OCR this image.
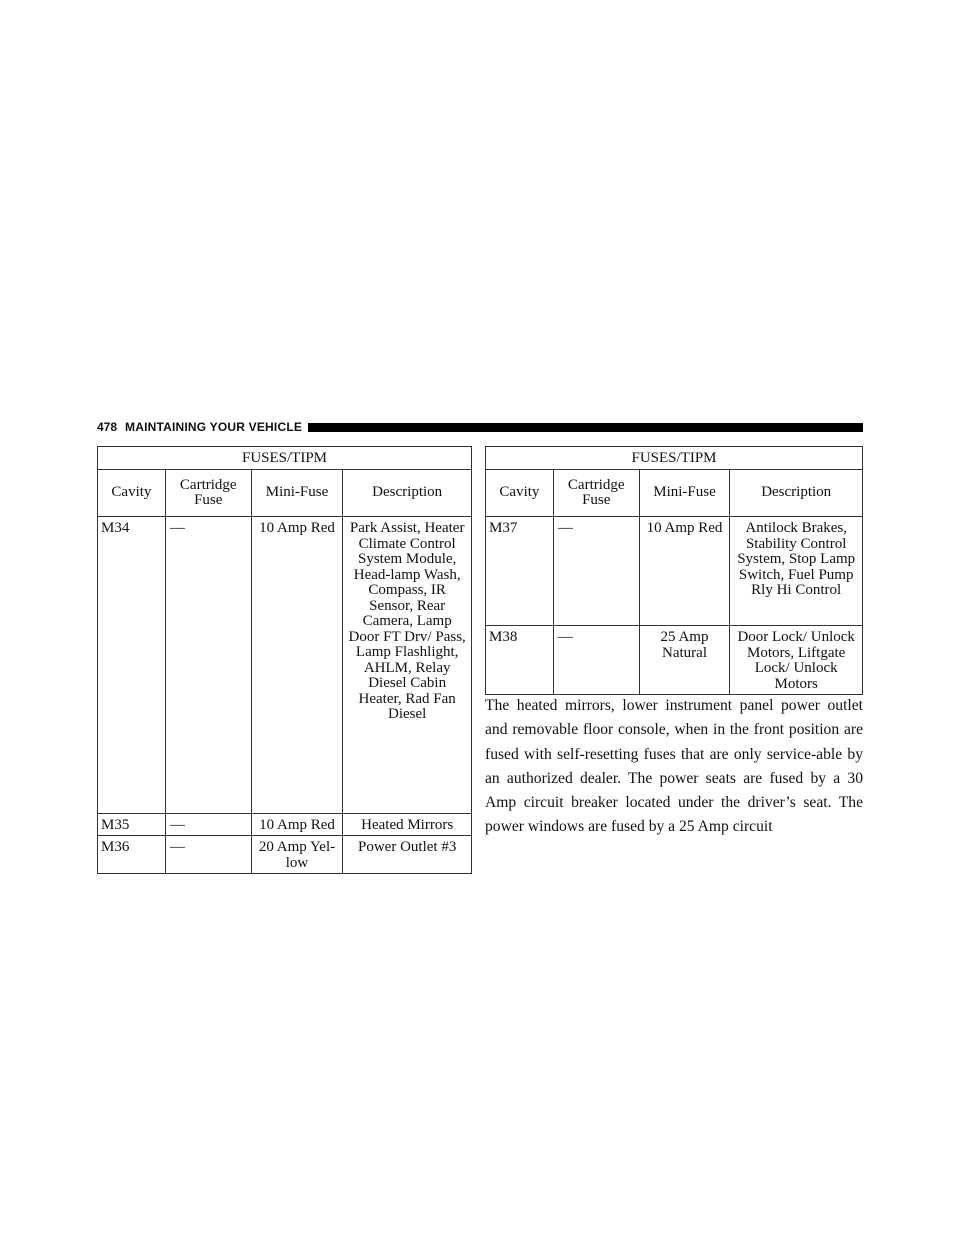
478 MAINTAINING YOUR VEHICLE
FUSES/TIPM			
Cavity	Cartridge Fuse	Mini-Fuse	Description
M34	—	10 Amp Red	Park Assist, Heater Climate Control System Module, Head-lamp Wash, Compass, IR Sensor, Rear Camera, Lamp Door FT Drv/ Pass, Lamp Flashlight, AHLM, Relay Diesel Cabin Heater, Rad Fan Diesel
M35	—	10 Amp Red	Heated Mirrors
M36	—	20 Amp Yel-low	Power Outlet #3
FUSES/TIPM			
Cavity	Cartridge Fuse	Mini-Fuse	Description
M37	—	10 Amp Red	Antilock Brakes, Stability Control System, Stop Lamp Switch, Fuel Pump Rly Hi Control
M38	—	25 Amp Natural	Door Lock/ Unlock Motors, Liftgate Lock/ Unlock Motors

The heated mirrors, lower instrument panel power outlet and removable floor console, when in the front position are fused with self-resetting fuses that are only service-able by an authorized dealer. The power seats are fused by a 30 Amp circuit breaker located under the driver’s seat. The power windows are fused by a 25 Amp circuit
